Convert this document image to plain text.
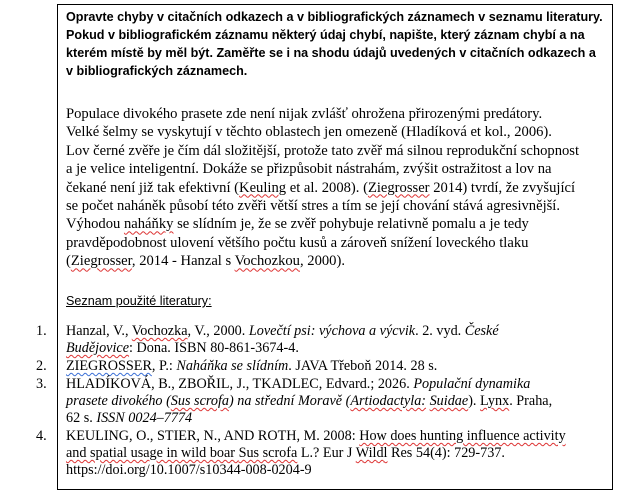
Opravte chyby v citačních odkazech a v bibliografických záznamech v seznamu literatury.
Pokud v bibliografickém záznamu některý údaj chybí, napište, který záznam chybí a na
kterém místě by měl být. Zaměřte se i na shodu údajů uvedených v citačních odkazech a
v bibliografických záznamech.
Populace divokého prasete zde není nijak zvlášť ohrožena přirozenými predátory.
Velké šelmy se vyskytují v těchto oblastech jen omezeně (Hladíková et kol., 2006).
Lov černé zvěře je čím dál složitější, protože tato zvěř má silnou reprodukční schopnost
a je velice inteligentní. Dokáže se přizpůsobit nástrahám, zvýšit ostražitost a lov na
čekané není již tak efektivní (Keuling et al. 2008). (Ziegrosser 2014) tvrdí, že zvyšující
se počet naháněk působí této zvěři větší stres a tím se její chování stává agresivnější.
Výhodou naháňky se slídním je, že se zvěř pohybuje relativně pomalu a je tedy
pravděpodobnost ulovení většího počtu kusů a zároveň snížení loveckého tlaku
(Ziegrosser, 2014 - Hanzal s Vochozkou, 2000).
Seznam použité literatury:
1.	Hanzal, V., Vochozka, V., 2000. Lovečtí psi: výchova a výcvik. 2. vyd. České
Budějovice: Dona. ISBN 80-861-3674-4.
2.	ZIEGROSSER, P.: Naháňka se slídním. JAVA Třeboň 2014. 28 s.
3.	HLADÍKOVÁ, B., ZBOŘIL, J., TKADLEC, Edvard.; 2026. Populační dynamika
prasete divokého (Sus scrofa) na střední Moravě (Artiodactyla: Suidae). Lynx. Praha,
62 s. ISSN 0024–7774
4.	KEULING, O., STIER, N., AND ROTH, M. 2008: How does hunting influence activity
and spatial usage in wild boar Sus scrofa L.? Eur J Wildl Res 54(4): 729-737.
https://doi.org/10.1007/s10344-008-0204-9
